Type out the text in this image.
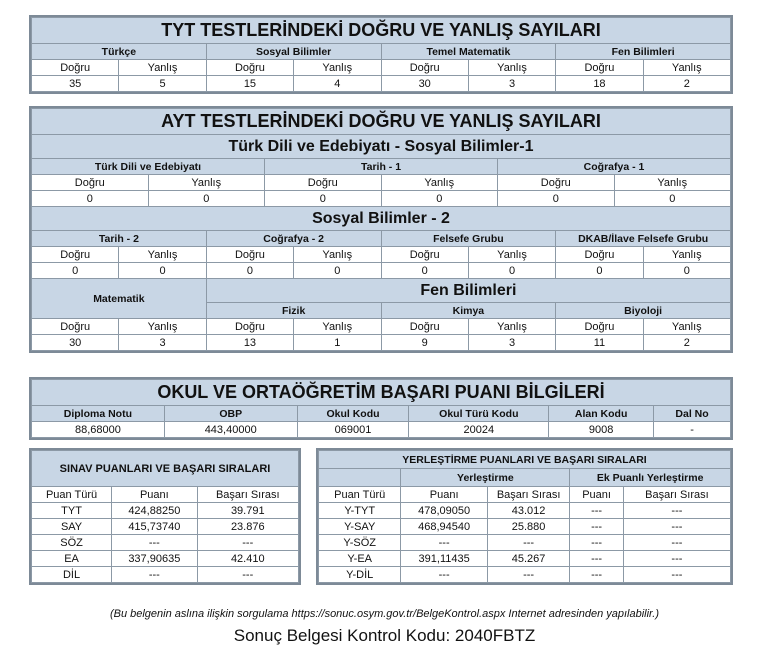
TYT TESTLERİNDEKİ DOĞRU VE YANLIŞ SAYILARI							
Türkçe		Sosyal Bilimler		Temel Matematik		Fen Bilimleri	
Doğru	Yanlış	Doğru	Yanlış	Doğru	Yanlış	Doğru	Yanlış
35	5	15	4	30	3	18	2
AYT TESTLERİNDEKİ DOĞRU VE YANLIŞ SAYILARI											
Türk Dili ve Edebiyatı - Sosyal Bilimler-1											
Türk Dili ve Edebiyatı				Tarih - 1				Coğrafya - 1			
Doğru		Yanlış		Doğru		Yanlış		Doğru		Yanlış	
0		0		0		0		0		0	
Sosyal Bilimler - 2											
Tarih - 2			Coğrafya - 2			Felsefe Grubu			DKAB/İlave Felsefe Grubu		
Doğru	Yanlış		Doğru		Yanlış	Doğru	Yanlış		Doğru		Yanlış
0	0		0		0	0	0		0		0
Matematik			Fen Bilimleri								
			Fizik			Kimya			Biyoloji		
Doğru	Yanlış		Doğru		Yanlış	Doğru	Yanlış		Doğru		Yanlış
30	3		13		1	9	3		11		2
OKUL VE ORTAÖĞRETİM BAŞARI PUANI BİLGİLERİ					
Diploma Notu	OBP	Okul Kodu	Okul Türü Kodu	Alan Kodu	Dal No
88,68000	443,40000	069001	20024	9008	-
SINAV PUANLARI VE BAŞARI SIRALARI		
Puan Türü	Puanı	Başarı Sırası
TYT	424,88250	39.791
SAY	415,73740	23.876
SÖZ	---	---
EA	337,90635	42.410
DİL	---	---
YERLEŞTİRME PUANLARI VE BAŞARI SIRALARI				
	Yerleştirme		Ek Puanlı Yerleştirme	
Puan Türü	Puanı	Başarı Sırası	Puanı	Başarı Sırası
Y-TYT	478,09050	43.012	---	---
Y-SAY	468,94540	25.880	---	---
Y-SÖZ	---	---	---	---
Y-EA	391,11435	45.267	---	---
Y-DİL	---	---	---	---
(Bu belgenin aslına ilişkin sorgulama https://sonuc.osym.gov.tr/BelgeKontrol.aspx Internet adresinden yapılabilir.)
Sonuç Belgesi Kontrol Kodu: 2040FBTZ
